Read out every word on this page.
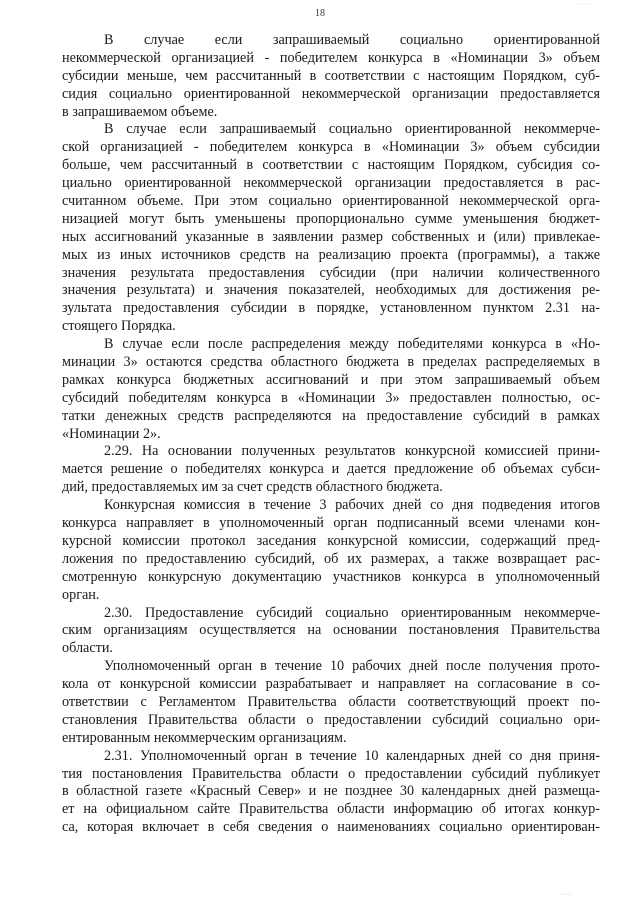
· · · ·
18
В случае если запрашиваемый социально ориентированной
некоммерческой организацией - победителем конкурса в «Номинации 3» объем
субсидии меньше, чем рассчитанный в соответствии с настоящим Порядком, суб-
сидия социально ориентированной некоммерческой организации предоставляется
в запрашиваемом объеме.
В случае если запрашиваемый социально ориентированной некоммерче-
ской организацией - победителем конкурса в «Номинации 3» объем субсидии
больше, чем рассчитанный в соответствии с настоящим Порядком, субсидия со-
циально ориентированной некоммерческой организации предоставляется в рас-
считанном объеме. При этом социально ориентированной некоммерческой орга-
низацией могут быть уменьшены пропорционально сумме уменьшения бюджет-
ных ассигнований указанные в заявлении размер собственных и (или) привлекае-
мых из иных источников средств на реализацию проекта (программы), а также
значения результата предоставления субсидии (при наличии количественного
значения результата) и значения показателей, необходимых для достижения ре-
зультата предоставления субсидии в порядке, установленном пунктом 2.31 на-
стоящего Порядка.
В случае если после распределения между победителями конкурса в «Но-
минации 3» остаются средства областного бюджета в пределах распределяемых в
рамках конкурса бюджетных ассигнований и при этом запрашиваемый объем
субсидий победителям конкурса в «Номинации 3» предоставлен полностью, ос-
татки денежных средств распределяются на предоставление субсидий в рамках
«Номинации 2».
2.29. На основании полученных результатов конкурсной комиссией прини-
мается решение о победителях конкурса и дается предложение об объемах субси-
дий, предоставляемых им за счет средств областного бюджета.
Конкурсная комиссия в течение 3 рабочих дней со дня подведения итогов
конкурса направляет в уполномоченный орган подписанный всеми членами кон-
курсной комиссии протокол заседания конкурсной комиссии, содержащий пред-
ложения по предоставлению субсидий, об их размерах, а также возвращает рас-
смотренную конкурсную документацию участников конкурса в уполномоченный
орган.
2.30. Предоставление субсидий социально ориентированным некоммерче-
ским организациям осуществляется на основании постановления Правительства
области.
Уполномоченный орган в течение 10 рабочих дней после получения прото-
кола от конкурсной комиссии разрабатывает и направляет на согласование в со-
ответствии с Регламентом Правительства области соответствующий проект по-
становления Правительства области о предоставлении субсидий социально ори-
ентированным некоммерческим организациям.
2.31. Уполномоченный орган в течение 10 календарных дней со дня приня-
тия постановления Правительства области о предоставлении субсидий публикует
в областной газете «Красный Север» и не позднее 30 календарных дней размеща-
ет на официальном сайте Правительства области информацию об итогах конкур-
са, которая включает в себя сведения о наименованиях социально ориентирован-
· · · ·
